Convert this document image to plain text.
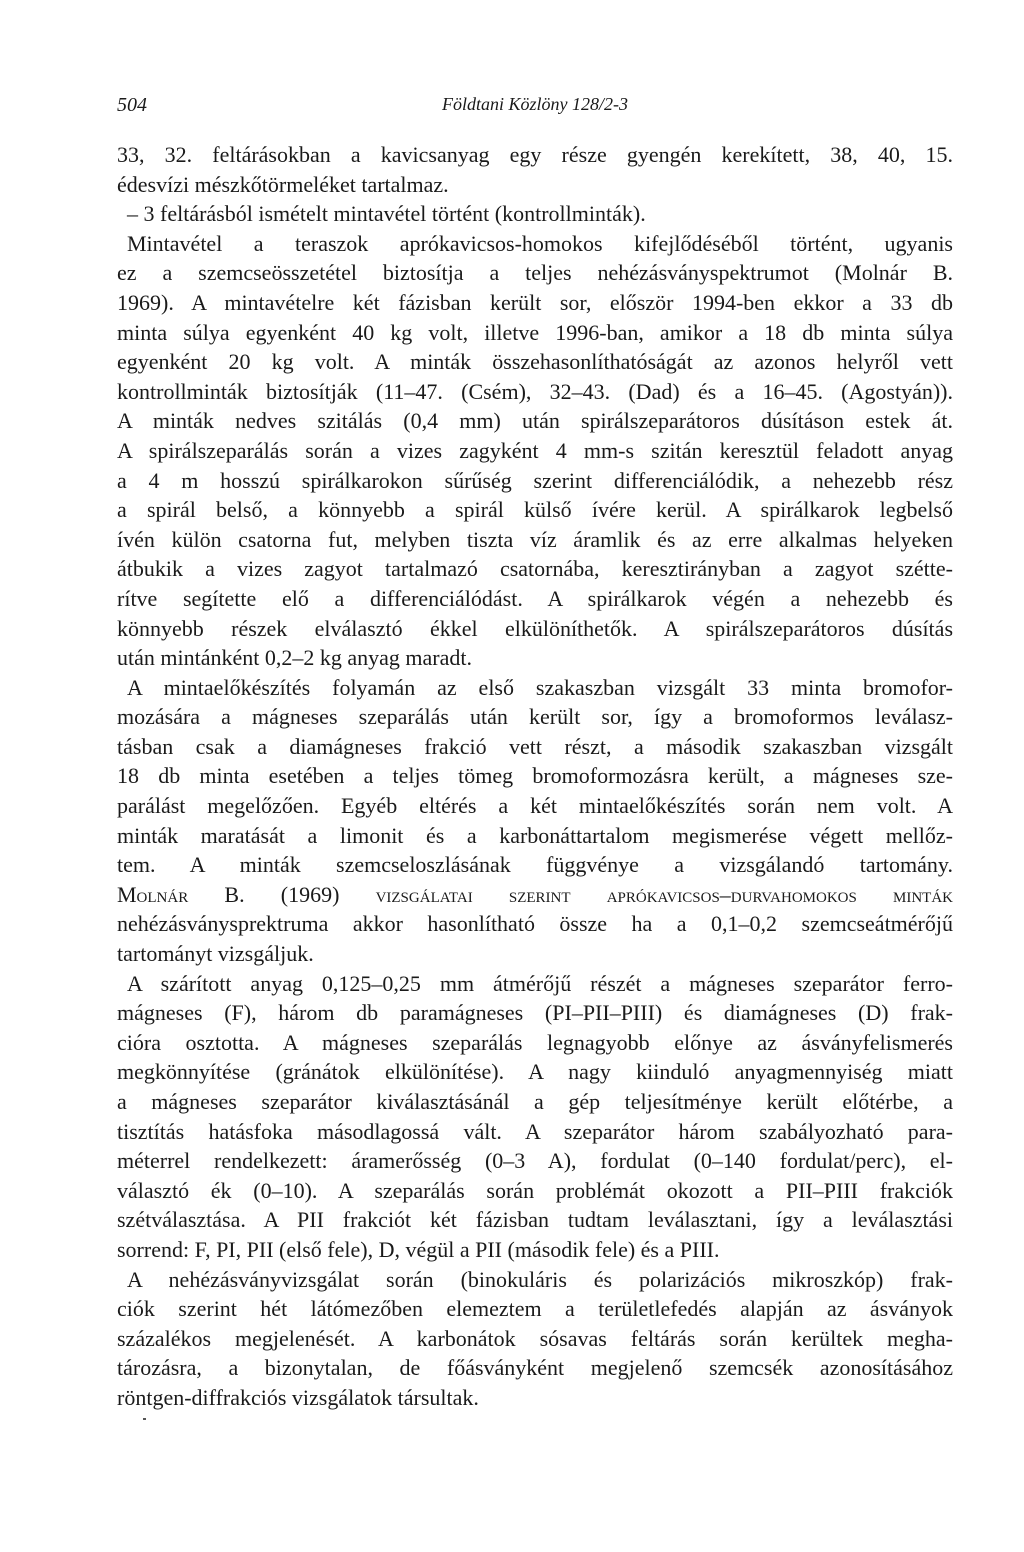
504	Földtani Közlöny 128/2-3

33, 32. feltárásokban a kavicsanyag egy része gyengén kerekített, 38, 40, 15.
édesvízi mészkőtörmeléket tartalmaz.

– 3 feltárásból ismételt mintavétel történt (kontrollminták).

Mintavétel a teraszok aprókavicsos-homokos kifejlődéséből történt, ugyanis
ez a szemcseösszetétel biztosítja a teljes nehézásványspektrumot (Molnár B.
1969). A mintavételre két fázisban került sor, először 1994-ben ekkor a 33 db
minta súlya egyenként 40 kg volt, illetve 1996-ban, amikor a 18 db minta súlya
egyenként 20 kg volt. A minták összehasonlíthatóságát az azonos helyről vett
kontrollminták biztosítják (11–47. (Csém), 32–43. (Dad) és a 16–45. (Agostyán)).
A minták nedves szitálás (0,4 mm) után spirálszeparátoros dúsításon estek át.
A spirálszeparálás során a vizes zagyként 4 mm-s szitán keresztül feladott anyag
a 4 m hosszú spirálkarokon sűrűség szerint differenciálódik, a nehezebb rész
a spirál belső, a könnyebb a spirál külső ívére kerül. A spirálkarok legbelső
ívén külön csatorna fut, melyben tiszta víz áramlik és az erre alkalmas helyeken
átbukik a vizes zagyot tartalmazó csatornába, keresztirányban a zagyot szétte-
rítve segítette elő a differenciálódást. A spirálkarok végén a nehezebb és
könnyebb részek elválasztó ékkel elkülöníthetők. A spirálszeparátoros dúsítás
után mintánként 0,2–2 kg anyag maradt.

A mintaelőkészítés folyamán az első szakaszban vizsgált 33 minta bromofor-
mozására a mágneses szeparálás után került sor, így a bromoformos leválasz-
tásban csak a diamágneses frakció vett részt, a második szakaszban vizsgált
18 db minta esetében a teljes tömeg bromoformozásra került, a mágneses sze-
parálást megelőzően. Egyéb eltérés a két mintaelőkészítés során nem volt. A
minták maratását a limonit és a karbonáttartalom megismerése végett mellőz-
tem. A minták szemcseloszlásának függvénye a vizsgálandó tartomány.
Molnár B. (1969) vizsgálatai szerint aprókavicsos–durvahomokos minták
nehézásványsprektruma akkor hasonlítható össze ha a 0,1–0,2 szemcseátmérőjű
tartományt vizsgáljuk.

A szárított anyag 0,125–0,25 mm átmérőjű részét a mágneses szeparátor ferro-
mágneses (F), három db paramágneses (PI–PII–PIII) és diamágneses (D) frak-
cióra osztotta. A mágneses szeparálás legnagyobb előnye az ásványfelismerés
megkönnyítése (gránátok elkülönítése). A nagy kiinduló anyagmennyiség miatt
a mágneses szeparátor kiválasztásánál a gép teljesítménye került előtérbe, a
tisztítás hatásfoka másodlagossá vált. A szeparátor három szabályozható para-
méterrel rendelkezett: áramerősség (0–3 A), fordulat (0–140 fordulat/perc), el-
választó ék (0–10). A szeparálás során problémát okozott a PII–PIII frakciók
szétválasztása. A PII frakciót két fázisban tudtam leválasztani, így a leválasztási
sorrend: F, PI, PII (első fele), D, végül a PII (második fele) és a PIII.

A nehézásványvizsgálat során (binokuláris és polarizációs mikroszkóp) frak-
ciók szerint hét látómezőben elemeztem a területlefedés alapján az ásványok
százalékos megjelenését. A karbonátok sósavas feltárás során kerültek megha-
tározásra, a bizonytalan, de főásványként megjelenő szemcsék azonosításához
röntgen-diffrakciós vizsgálatok társultak.
